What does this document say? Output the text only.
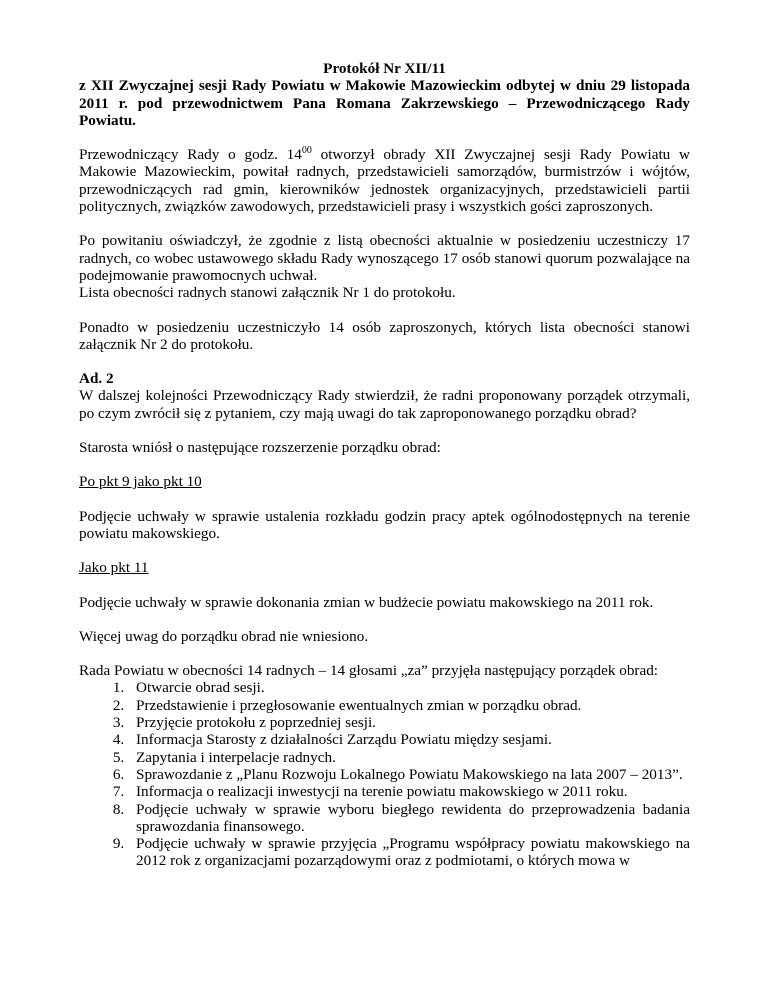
Protokół Nr XII/11

z XII Zwyczajnej sesji Rady Powiatu w Makowie Mazowieckim odbytej w dniu 29 listopada 2011 r. pod przewodnictwem Pana Romana Zakrzewskiego – Przewodniczącego Rady Powiatu.

Przewodniczący Rady o godz. $14^{00}$ otworzył obrady XII Zwyczajnej sesji Rady Powiatu w Makowie Mazowieckim, powitał radnych, przedstawicieli samorządów, burmistrzów i wójtów, przewodniczących rad gmin, kierowników jednostek organizacyjnych, przedstawicieli partii politycznych, związków zawodowych, przedstawicieli prasy i wszystkich gości zaproszonych.

Po powitaniu oświadczył, że zgodnie z listą obecności aktualnie w posiedzeniu uczestniczy 17 radnych, co wobec ustawowego składu Rady wynoszącego 17 osób stanowi quorum pozwalające na podejmowanie prawomocnych uchwał.

Lista obecności radnych stanowi załącznik Nr 1 do protokołu.

Ponadto w posiedzeniu uczestniczyło 14 osób zaproszonych, których lista obecności stanowi załącznik Nr 2 do protokołu.

Ad. 2

W dalszej kolejności Przewodniczący Rady stwierdził, że radni proponowany porządek otrzymali, po czym zwrócił się z pytaniem, czy mają uwagi do tak zaproponowanego porządku obrad?

Starosta wniósł o następujące rozszerzenie porządku obrad:

Po pkt 9 jako pkt 10

Podjęcie uchwały w sprawie ustalenia rozkładu godzin pracy aptek ogólnodostępnych na terenie powiatu makowskiego.

Jako pkt 11

Podjęcie uchwały w sprawie dokonania zmian w budżecie powiatu makowskiego na 2011 rok.

Więcej uwag do porządku obrad nie wniesiono.

Rada Powiatu w obecności 14 radnych – 14 głosami „za” przyjęła następujący porządek obrad:

1. Otwarcie obrad sesji.
2. Przedstawienie i przegłosowanie ewentualnych zmian w porządku obrad.
3. Przyjęcie protokołu z poprzedniej sesji.
4. Informacja Starosty z działalności Zarządu Powiatu między sesjami.
5. Zapytania i interpelacje radnych.
6. Sprawozdanie z „Planu Rozwoju Lokalnego Powiatu Makowskiego na lata 2007 – 2013”.
7. Informacja o realizacji inwestycji na terenie powiatu makowskiego w 2011 roku.
8. Podjęcie uchwały w sprawie wyboru biegłego rewidenta do przeprowadzenia badania sprawozdania finansowego.
9. Podjęcie uchwały w sprawie przyjęcia „Programu współpracy powiatu makowskiego na 2012 rok z organizacjami pozarządowymi oraz z podmiotami, o których mowa w
